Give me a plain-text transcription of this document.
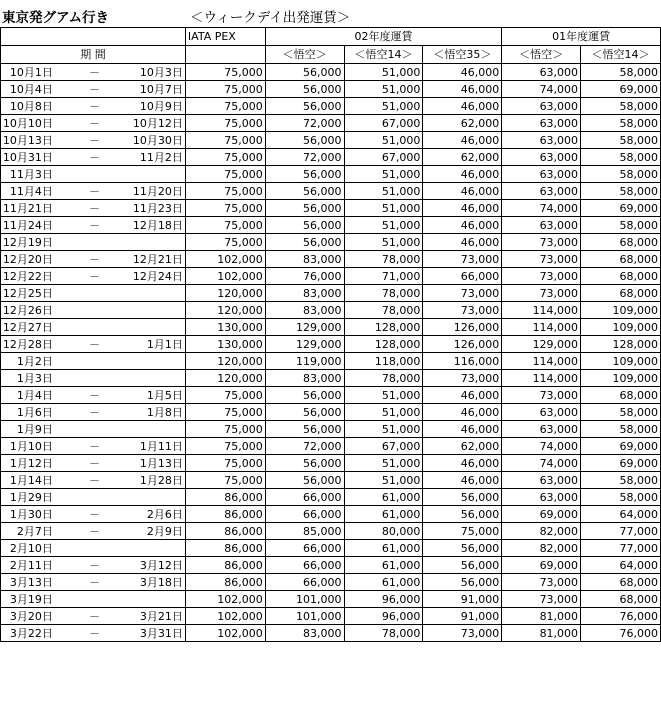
東京発グアム行き	＜ウィークデイ出発運賃＞
	IATA PEX	02年度運賃			01年度運賃	
期 間		＜悟空＞	＜悟空14＞	＜悟空35＞	＜悟空＞	＜悟空14＞

10月1日 － 10月3日	75,000	56,000	51,000	46,000	63,000	58,000

10月4日 － 10月7日	75,000	56,000	51,000	46,000	74,000	69,000

10月8日 － 10月9日	75,000	56,000	51,000	46,000	63,000	58,000

10月10日 － 10月12日	75,000	72,000	67,000	62,000	63,000	58,000

10月13日 － 10月30日	75,000	56,000	51,000	46,000	63,000	58,000

10月31日 － 11月2日	75,000	72,000	67,000	62,000	63,000	58,000

11月3日	75,000	56,000	51,000	46,000	63,000	58,000

11月4日 － 11月20日	75,000	56,000	51,000	46,000	63,000	58,000

11月21日 － 11月23日	75,000	56,000	51,000	46,000	74,000	69,000

11月24日 － 12月18日	75,000	56,000	51,000	46,000	63,000	58,000

12月19日	75,000	56,000	51,000	46,000	73,000	68,000

12月20日 － 12月21日	102,000	83,000	78,000	73,000	73,000	68,000

12月22日 － 12月24日	102,000	76,000	71,000	66,000	73,000	68,000

12月25日	120,000	83,000	78,000	73,000	73,000	68,000

12月26日	120,000	83,000	78,000	73,000	114,000	109,000

12月27日	130,000	129,000	128,000	126,000	114,000	109,000

12月28日 － 1月1日	130,000	129,000	128,000	126,000	129,000	128,000

1月2日	120,000	119,000	118,000	116,000	114,000	109,000

1月3日	120,000	83,000	78,000	73,000	114,000	109,000

1月4日 － 1月5日	75,000	56,000	51,000	46,000	73,000	68,000

1月6日 － 1月8日	75,000	56,000	51,000	46,000	63,000	58,000

1月9日	75,000	56,000	51,000	46,000	63,000	58,000

1月10日 － 1月11日	75,000	72,000	67,000	62,000	74,000	69,000

1月12日 － 1月13日	75,000	56,000	51,000	46,000	74,000	69,000

1月14日 － 1月28日	75,000	56,000	51,000	46,000	63,000	58,000

1月29日	86,000	66,000	61,000	56,000	63,000	58,000

1月30日 － 2月6日	86,000	66,000	61,000	56,000	69,000	64,000

2月7日 － 2月9日	86,000	85,000	80,000	75,000	82,000	77,000

2月10日	86,000	66,000	61,000	56,000	82,000	77,000

2月11日 － 3月12日	86,000	66,000	61,000	56,000	69,000	64,000

3月13日 － 3月18日	86,000	66,000	61,000	56,000	73,000	68,000

3月19日	102,000	101,000	96,000	91,000	73,000	68,000

3月20日 － 3月21日	102,000	101,000	96,000	91,000	81,000	76,000

3月22日 － 3月31日	102,000	83,000	78,000	73,000	81,000	76,000
